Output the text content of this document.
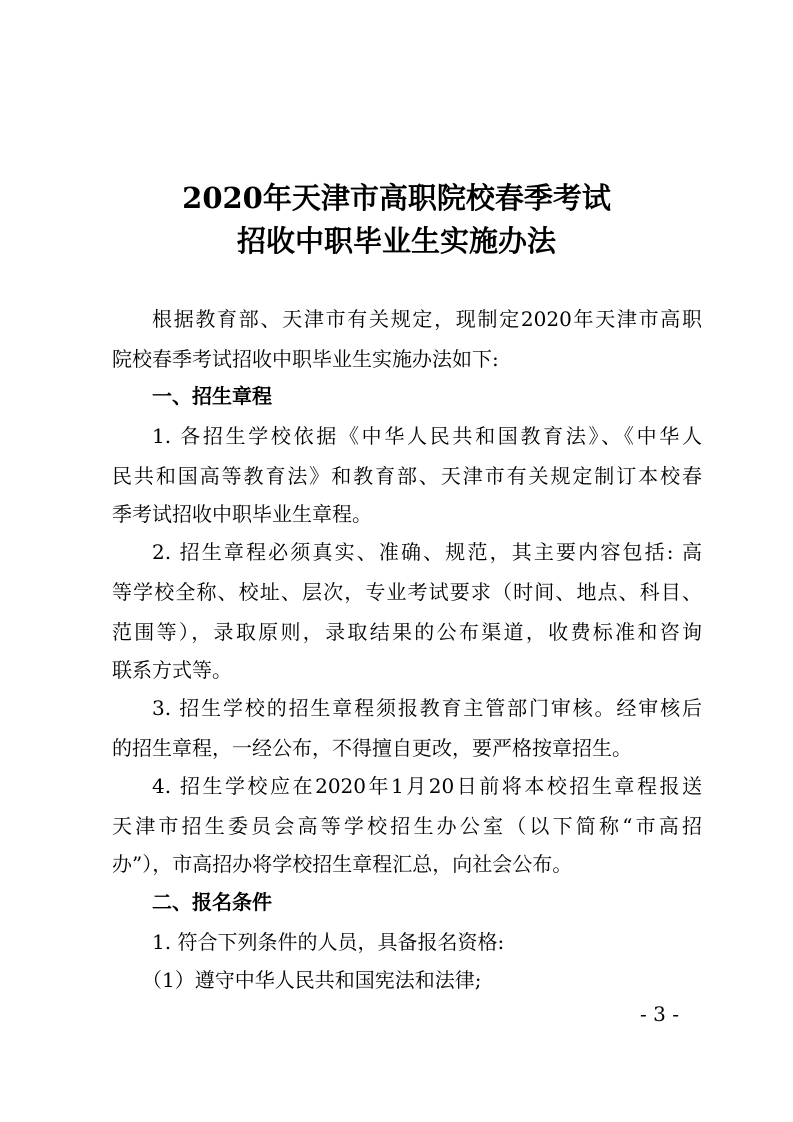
2020年天津市高职院校春季考试
招收中职毕业生实施办法

根据教育部、天津市有关规定，现制定2020年天津市高职

院校春季考试招收中职毕业生实施办法如下:

一、招生章程

1. 各招生学校依据《中华人民共和国教育法》、《中华人

民共和国高等教育法》和教育部、天津市有关规定制订本校春

季考试招收中职毕业生章程。

2. 招生章程必须真实、准确、规范，其主要内容包括: 高

等学校全称、校址、层次，专业考试要求（时间、地点、科目、

范围等），录取原则，录取结果的公布渠道，收费标准和咨询

联系方式等。

3. 招生学校的招生章程须报教育主管部门审核。经审核后

的招生章程，一经公布，不得擅自更改，要严格按章招生。

4. 招生学校应在2020年1月20日前将本校招生章程报送

天津市招生委员会高等学校招生办公室（以下简称“市高招

办”），市高招办将学校招生章程汇总，向社会公布。

二、报名条件

1. 符合下列条件的人员，具备报名资格:

（1）遵守中华人民共和国宪法和法律;

- 3 -
